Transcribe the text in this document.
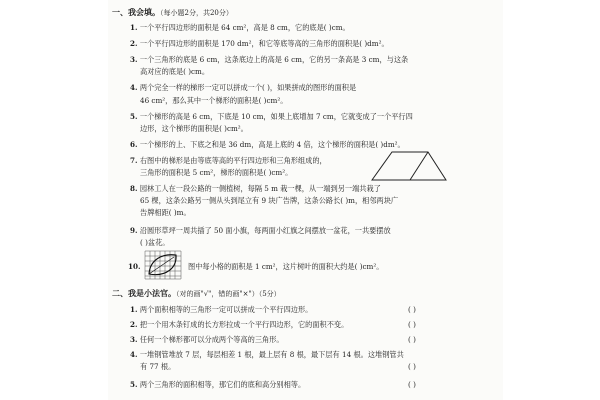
一、我会填。（每小题2分，共20分）
1. 一个平行四边形的面积是 64 cm²，高是 8 cm，它的底是( )cm。
2. 一个平行四边形的面积是 170 dm²，和它等底等高的三角形的面积是( )dm²。
3. 一个三角形的底是 6 cm，这条底边上的高是 6 cm，它的另一条高是 3 cm，与这条
高对应的底是( )cm。
4. 两个完全一样的梯形一定可以拼成一个( )，如果拼成的图形的面积是
46 cm²，那么其中一个梯形的面积是( )cm²。
5. 一个梯形的高是 6 cm，下底是 10 cm，如果上底增加 7 cm，它就变成了一个平行四
边形，这个梯形的面积是( )cm²。
6. 一个梯形的上、下底之和是 36 dm，高是上底的 4 倍，这个梯形的面积是( )dm²。
7. 右图中的梯形是由等底等高的平行四边形和三角形组成的，
三角形的面积是 5 cm²，梯形的面积是( )cm²。
8. 园林工人在一段公路的一侧植树，每隔 5 m 栽一棵，从一端到另一端共栽了
65 棵，这条公路另一侧从头到尾立有 9 块广告牌，这条公路长( )m，相邻两块广
告牌相距( )m。
9. 沿圆形草坪一周共插了 50 面小旗，每两面小红旗之间摆放一盆花，一共要摆放
( )盆花。
10.	图中每小格的面积是 1 cm²，这片树叶的面积大约是( )cm²。
二、我是小法官。（对的画"√"，错的画"×"）（5分）
1. 两个面积相等的三角形一定可以拼成一个平行四边形。	( )
2. 把一个用木条钉成的长方形拉成一个平行四边形，它的面积不变。	( )
3. 任何一个梯形都可以分成两个等高的三角形。	( )
4. 一堆钢管堆放 7 层，每层相差 1 根，最上层有 8 根，最下层有 14 根。这堆钢管共
有 77 根。	( )
5. 两个三角形的面积相等，那它们的底和高分别相等。	( )
